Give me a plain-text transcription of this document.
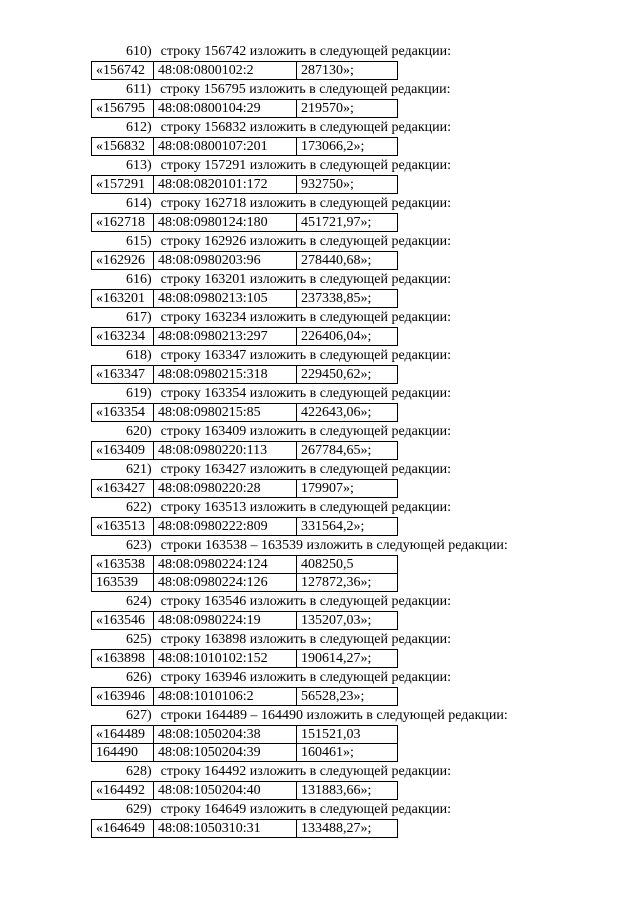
610) строку 156742 изложить в следующей редакции:
«156742	48:08:0800102:2	287130»;
611) строку 156795 изложить в следующей редакции:
«156795	48:08:0800104:29	219570»;
612) строку 156832 изложить в следующей редакции:
«156832	48:08:0800107:201	173066,2»;
613) строку 157291 изложить в следующей редакции:
«157291	48:08:0820101:172	932750»;
614) строку 162718 изложить в следующей редакции:
«162718	48:08:0980124:180	451721,97»;
615) строку 162926 изложить в следующей редакции:
«162926	48:08:0980203:96	278440,68»;
616) строку 163201 изложить в следующей редакции:
«163201	48:08:0980213:105	237338,85»;
617) строку 163234 изложить в следующей редакции:
«163234	48:08:0980213:297	226406,04»;
618) строку 163347 изложить в следующей редакции:
«163347	48:08:0980215:318	229450,62»;
619) строку 163354 изложить в следующей редакции:
«163354	48:08:0980215:85	422643,06»;
620) строку 163409 изложить в следующей редакции:
«163409	48:08:0980220:113	267784,65»;
621) строку 163427 изложить в следующей редакции:
«163427	48:08:0980220:28	179907»;
622) строку 163513 изложить в следующей редакции:
«163513	48:08:0980222:809	331564,2»;
623) строки 163538 – 163539 изложить в следующей редакции:
«163538	48:08:0980224:124	408250,5
163539	48:08:0980224:126	127872,36»;
624) строку 163546 изложить в следующей редакции:
«163546	48:08:0980224:19	135207,03»;
625) строку 163898 изложить в следующей редакции:
«163898	48:08:1010102:152	190614,27»;
626) строку 163946 изложить в следующей редакции:
«163946	48:08:1010106:2	56528,23»;
627) строки 164489 – 164490 изложить в следующей редакции:
«164489	48:08:1050204:38	151521,03
164490	48:08:1050204:39	160461»;
628) строку 164492 изложить в следующей редакции:
«164492	48:08:1050204:40	131883,66»;
629) строку 164649 изложить в следующей редакции:
«164649	48:08:1050310:31	133488,27»;
